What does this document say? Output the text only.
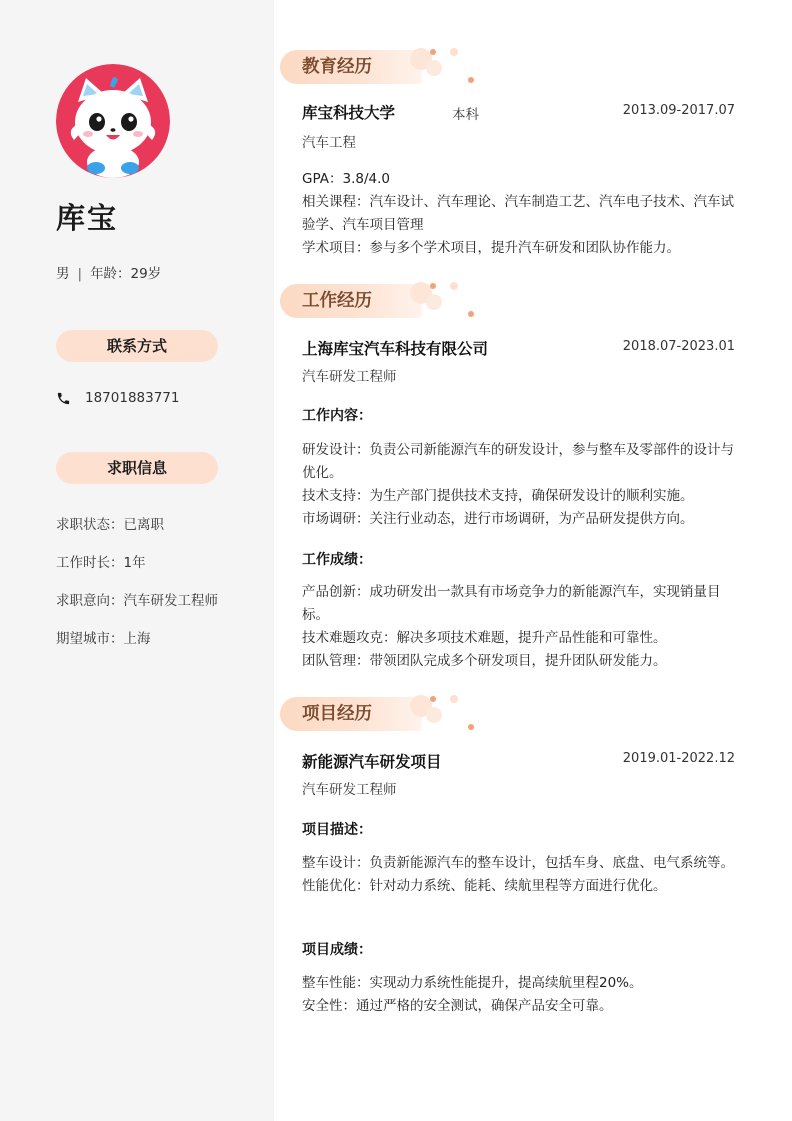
库宝
男 | 年龄：29岁
联系方式
18701883771
求职信息
求职状态：已离职
工作时长：1年
求职意向：汽车研发工程师
期望城市：上海
教育经历
库宝科技大学	本科	2013.09-2017.07
汽车工程
GPA：3.8/4.0
相关课程：汽车设计、汽车理论、汽车制造工艺、汽车电子技术、汽车试验学、汽车项目管理
学术项目：参与多个学术项目，提升汽车研发和团队协作能力。
工作经历
上海库宝汽车科技有限公司	2018.07-2023.01
汽车研发工程师
工作内容：
研发设计：负责公司新能源汽车的研发设计，参与整车及零部件的设计与优化。
技术支持：为生产部门提供技术支持，确保研发设计的顺利实施。
市场调研：关注行业动态，进行市场调研，为产品研发提供方向。
工作成绩：
产品创新：成功研发出一款具有市场竞争力的新能源汽车，实现销量目标。
技术难题攻克：解决多项技术难题，提升产品性能和可靠性。
团队管理：带领团队完成多个研发项目，提升团队研发能力。
项目经历
新能源汽车研发项目	2019.01-2022.12
汽车研发工程师
项目描述：
整车设计：负责新能源汽车的整车设计，包括车身、底盘、电气系统等。
性能优化：针对动力系统、能耗、续航里程等方面进行优化。
项目成绩：
整车性能：实现动力系统性能提升，提高续航里程20%。
安全性：通过严格的安全测试，确保产品安全可靠。
